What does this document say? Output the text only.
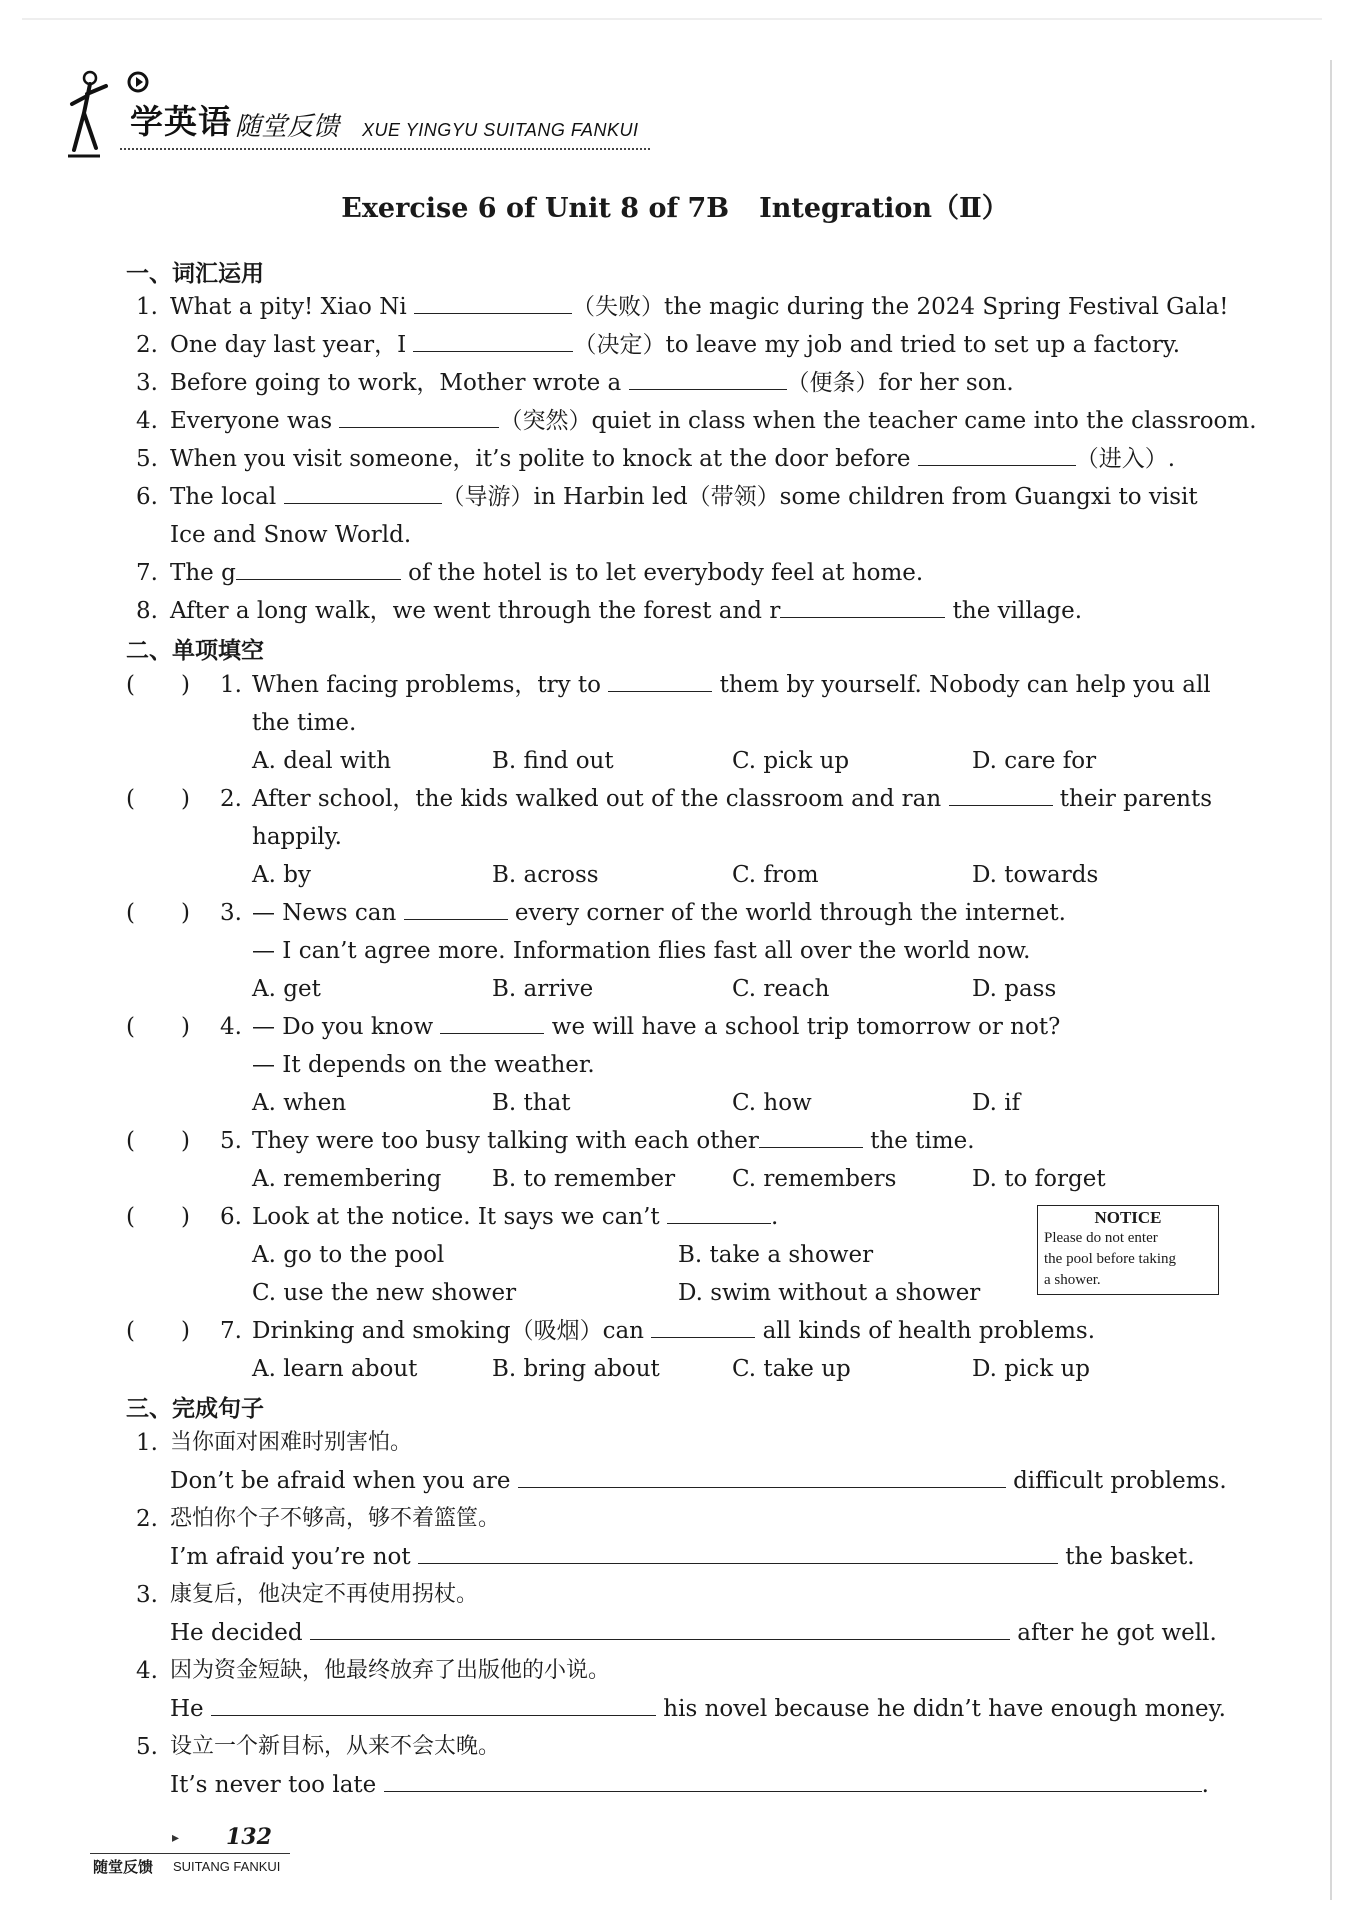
学英语 随堂反馈 XUE YINGYU SUITANG FANKUI
Exercise 6 of Unit 8 of 7B Integration（Ⅱ）
一、词汇运用
1. What a pity! Xiao Ni	（失败）the magic during the 2024 Spring Festival Gala!
2. One day last year，I	（决定）to leave my job and tried to set up a factory.
3. Before going to work，Mother wrote a	（便条）for her son.
4. Everyone was	（突然）quiet in class when the teacher came into the classroom.
5. When you visit someone，it’s polite to knock at the door before	（进入）.
6. The local	（导游）in Harbin led（带领）some children from Guangxi to visit
Ice and Snow World.
7. The g	of the hotel is to let everybody feel at home.
8. After a long walk，we went through the forest and r	the village.
二、单项填空
(　　) 1. When facing problems，try to	them by yourself. Nobody can help you all
the time.
A. deal with	B. find out	C. pick up	D. care for
(　　) 2. After school，the kids walked out of the classroom and ran	their parents
happily.
A. by	B. across	C. from	D. towards
(　　) 3. — News can	every corner of the world through the internet.
— I can’t agree more. Information flies fast all over the world now.
A. get	B. arrive	C. reach	D. pass
(　　) 4. — Do you know	we will have a school trip tomorrow or not?
— It depends on the weather.
A. when	B. that	C. how	D. if
(　　) 5. They were too busy talking with each other	the time.
A. remembering B. to remember C. remembers	D. to forget
(　　) 6. Look at the notice. It says we can’t	.
A. go to the pool	B. take a shower
C. use the new shower	D. swim without a shower
NOTICE
Please do not enter
the pool before taking
a shower.
(　　) 7. Drinking and smoking（吸烟）can	all kinds of health problems.
A. learn about	B. bring about	C. take up	D. pick up
三、完成句子
1. 当你面对困难时别害怕。
Don’t be afraid when you are	difficult problems.
2. 恐怕你个子不够高，够不着篮筐。
I’m afraid you’re not	the basket.
3. 康复后，他决定不再使用拐杖。
He decided	after he got well.
4. 因为资金短缺，他最终放弃了出版他的小说。
He	his novel because he didn’t have enough money.
5. 设立一个新目标，从来不会太晚。
It’s never too late	.
▸ 132
随堂反馈 SUITANG FANKUI
